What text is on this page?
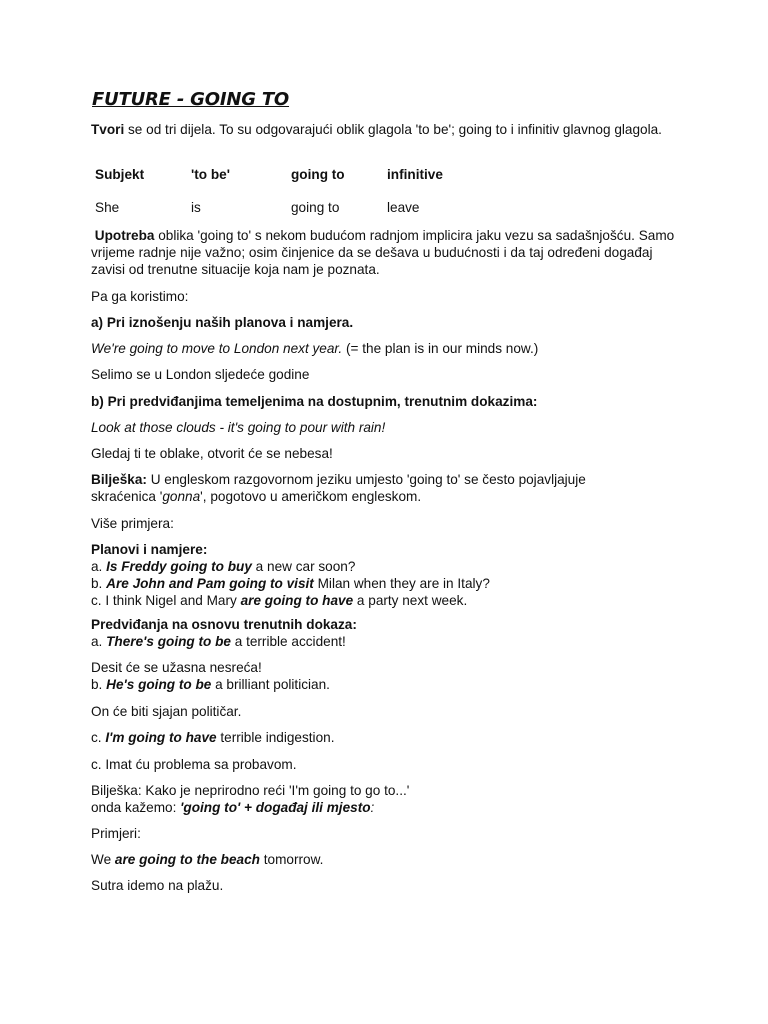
FUTURE - GOING TO

Tvori se od tri dijela. To su odgovarajući oblik glagola 'to be'; going to i infinitiv glavnog glagola.

Subjekt	'to be'	going to	infinitive
She	is	going to	leave

Upotreba oblika 'going to' s nekom budućom radnjom implicira jaku vezu sa sadašnjošću. Samo vrijeme radnje nije važno; osim činjenice da se dešava u budućnosti i da taj određeni događaj zavisi od trenutne situacije koja nam je poznata.

Pa ga koristimo:

a) Pri iznošenju naših planova i namjera.

We're going to move to London next year. (= the plan is in our minds now.)

Selimo se u London sljedeće godine

b) Pri predviđanjima temeljenima na dostupnim, trenutnim dokazima:

Look at those clouds - it's going to pour with rain!

Gledaj ti te oblake, otvorit će se nebesa!

Bilješka: U engleskom razgovornom jeziku umjesto 'going to' se često pojavljajuje skraćenica 'gonna', pogotovo u američkom engleskom.

Više primjera:

Planovi i namjere:
a. Is Freddy going to buy a new car soon?
b. Are John and Pam going to visit Milan when they are in Italy?
c. I think Nigel and Mary are going to have a party next week.
Predviđanja na osnovu trenutnih dokaza:
a. There's going to be a terrible accident!
Desit će se užasna nesreća!
b. He's going to be a brilliant politician.

On će biti sjajan političar.

c. I'm going to have terrible indigestion.

c. Imat ću problema sa probavom.

Bilješka: Kako je neprirodno reći 'I'm going to go to...'
onda kažemo: 'going to' + događaj ili mjesto:

Primjeri:

We are going to the beach tomorrow.

Sutra idemo na plažu.
